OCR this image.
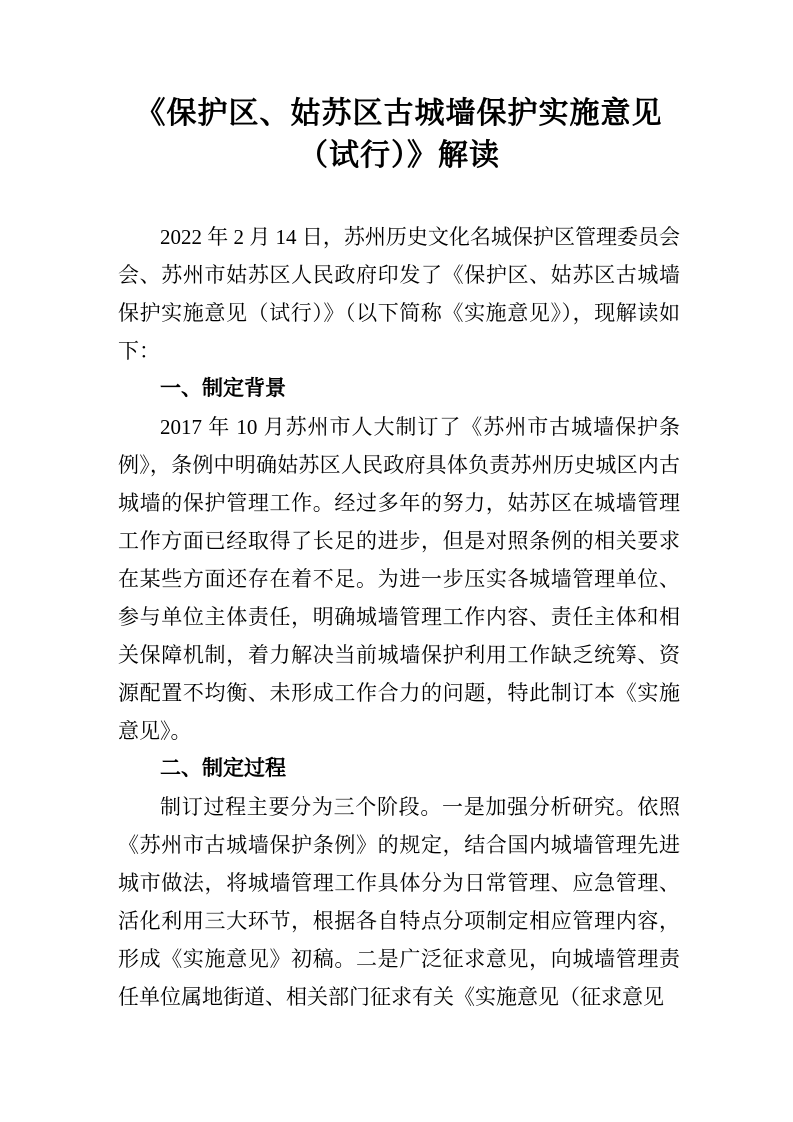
《保护区、姑苏区古城墙保护实施意见
（试行）》解读

2022 年 2 月 14 日，苏州历史文化名城保护区管理委员会会、苏州市姑苏区人民政府印发了《保护区、姑苏区古城墙保护实施意见（试行）》（以下简称《实施意见》），现解读如下：

一、制定背景

2017 年 10 月苏州市人大制订了《苏州市古城墙保护条例》，条例中明确姑苏区人民政府具体负责苏州历史城区内古城墙的保护管理工作。经过多年的努力，姑苏区在城墙管理工作方面已经取得了长足的进步，但是对照条例的相关要求在某些方面还存在着不足。为进一步压实各城墙管理单位、参与单位主体责任，明确城墙管理工作内容、责任主体和相关保障机制，着力解决当前城墙保护利用工作缺乏统筹、资源配置不均衡、未形成工作合力的问题，特此制订本《实施意见》。

二、制定过程

制订过程主要分为三个阶段。一是加强分析研究。依照《苏州市古城墙保护条例》的规定，结合国内城墙管理先进城市做法，将城墙管理工作具体分为日常管理、应急管理、活化利用三大环节，根据各自特点分项制定相应管理内容，形成《实施意见》初稿。二是广泛征求意见，向城墙管理责任单位属地街道、相关部门征求有关《实施意见（征求意见
